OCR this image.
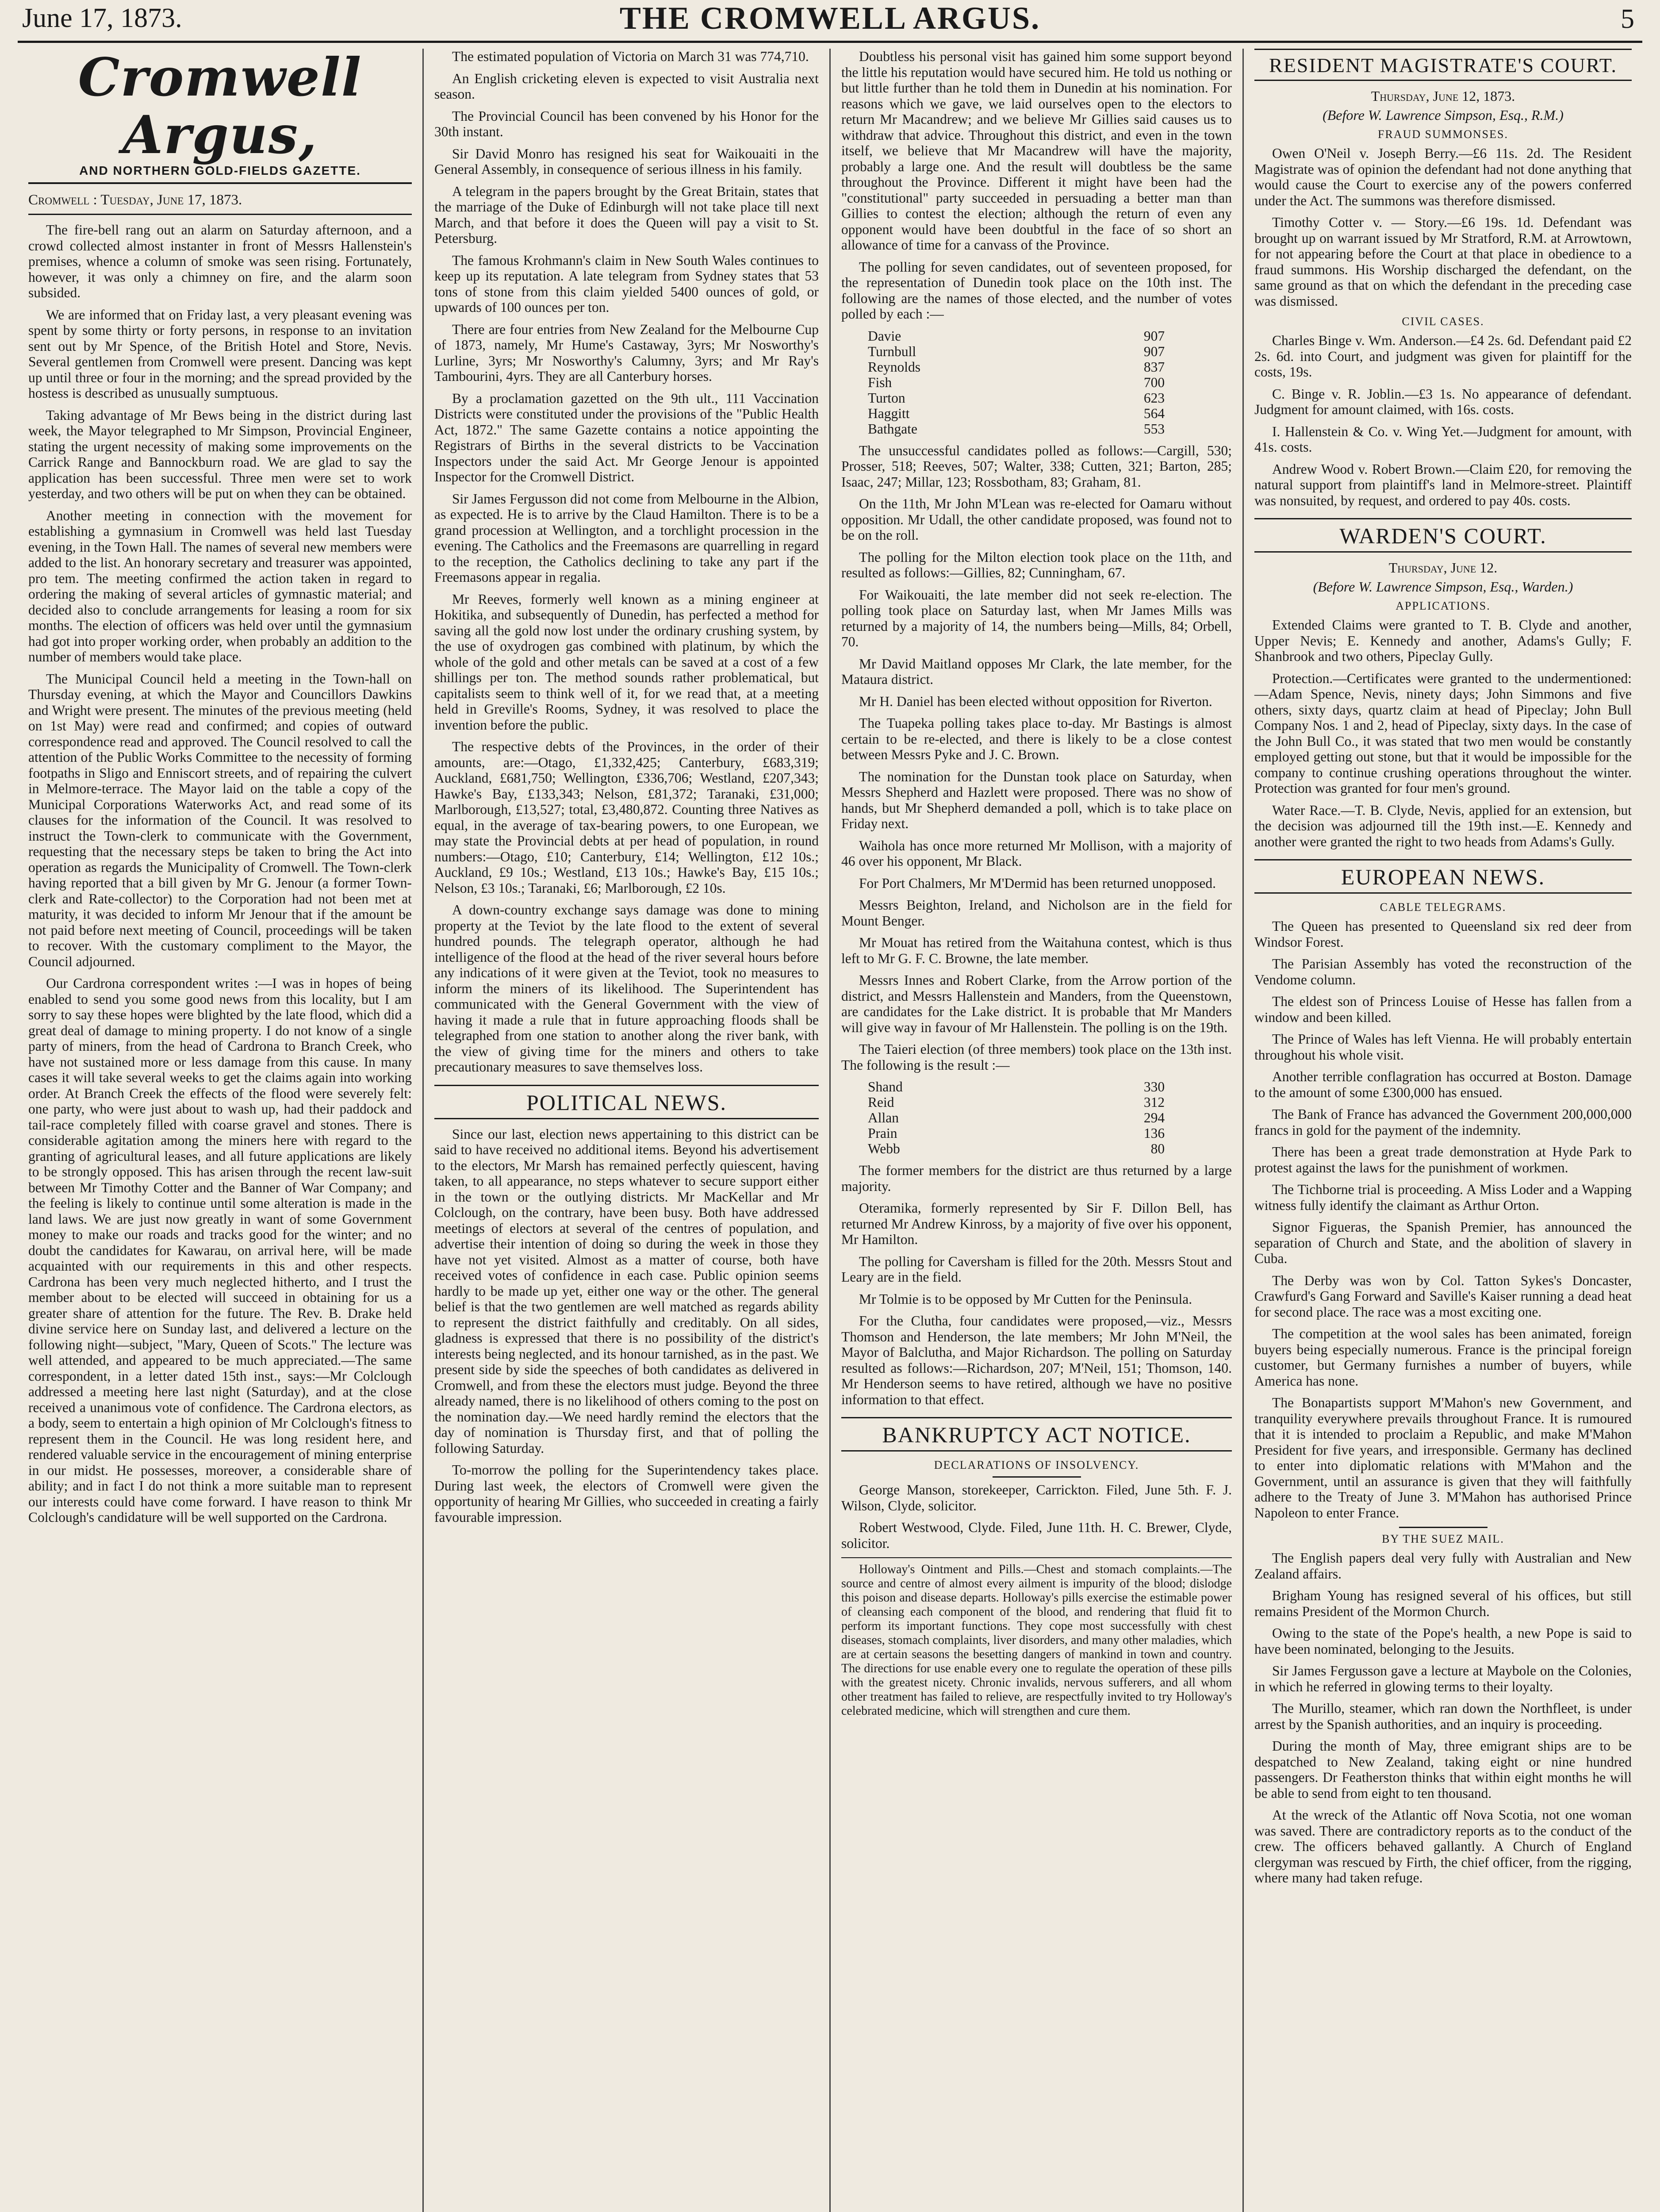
June 17, 1873.	THE CROMWELL ARGUS.	5
Cromwell Argus,
AND NORTHERN GOLD-FIELDS GAZETTE.
Cromwell : Tuesday, June 17, 1873.

The fire-bell rang out an alarm on Saturday afternoon, and a crowd collected almost instanter in front of Messrs Hallenstein's premises, whence a column of smoke was seen rising. Fortunately, however, it was only a chimney on fire, and the alarm soon subsided.

We are informed that on Friday last, a very pleasant evening was spent by some thirty or forty persons, in response to an invitation sent out by Mr Spence, of the British Hotel and Store, Nevis. Several gentlemen from Cromwell were present. Dancing was kept up until three or four in the morning; and the spread provided by the hostess is described as unusually sumptuous.

Taking advantage of Mr Bews being in the district during last week, the Mayor telegraphed to Mr Simpson, Provincial Engineer, stating the urgent necessity of making some improvements on the Carrick Range and Bannockburn road. We are glad to say the application has been successful. Three men were set to work yesterday, and two others will be put on when they can be obtained.

Another meeting in connection with the movement for establishing a gymnasium in Cromwell was held last Tuesday evening, in the Town Hall. The names of several new members were added to the list. An honorary secretary and treasurer was appointed, pro tem. The meeting confirmed the action taken in regard to ordering the making of several articles of gymnastic material; and decided also to conclude arrangements for leasing a room for six months. The election of officers was held over until the gymnasium had got into proper working order, when probably an addition to the number of members would take place.

The Municipal Council held a meeting in the Town-hall on Thursday evening, at which the Mayor and Councillors Dawkins and Wright were present. The minutes of the previous meeting (held on 1st May) were read and confirmed; and copies of outward correspondence read and approved. The Council resolved to call the attention of the Public Works Committee to the necessity of forming footpaths in Sligo and Enniscort streets, and of repairing the culvert in Melmore-terrace. The Mayor laid on the table a copy of the Municipal Corporations Waterworks Act, and read some of its clauses for the information of the Council. It was resolved to instruct the Town-clerk to communicate with the Government, requesting that the necessary steps be taken to bring the Act into operation as regards the Municipality of Cromwell. The Town-clerk having reported that a bill given by Mr G. Jenour (a former Town-clerk and Rate-collector) to the Corporation had not been met at maturity, it was decided to inform Mr Jenour that if the amount be not paid before next meeting of Council, proceedings will be taken to recover. With the customary compliment to the Mayor, the Council adjourned.

Our Cardrona correspondent writes :—I was in hopes of being enabled to send you some good news from this locality, but I am sorry to say these hopes were blighted by the late flood, which did a great deal of damage to mining property. I do not know of a single party of miners, from the head of Cardrona to Branch Creek, who have not sustained more or less damage from this cause. In many cases it will take several weeks to get the claims again into working order. At Branch Creek the effects of the flood were severely felt: one party, who were just about to wash up, had their paddock and tail-race completely filled with coarse gravel and stones. There is considerable agitation among the miners here with regard to the granting of agricultural leases, and all future applications are likely to be strongly opposed. This has arisen through the recent law-suit between Mr Timothy Cotter and the Banner of War Company; and the feeling is likely to continue until some alteration is made in the land laws. We are just now greatly in want of some Government money to make our roads and tracks good for the winter; and no doubt the candidates for Kawarau, on arrival here, will be made acquainted with our requirements in this and other respects. Cardrona has been very much neglected hitherto, and I trust the member about to be elected will succeed in obtaining for us a greater share of attention for the future. The Rev. B. Drake held divine service here on Sunday last, and delivered a lecture on the following night—subject, "Mary, Queen of Scots." The lecture was well attended, and appeared to be much appreciated.—The same correspondent, in a letter dated 15th inst., says:—Mr Colclough addressed a meeting here last night (Saturday), and at the close received a unanimous vote of confidence. The Cardrona electors, as a body, seem to entertain a high opinion of Mr Colclough's fitness to represent them in the Council. He was long resident here, and rendered valuable service in the encouragement of mining enterprise in our midst. He possesses, moreover, a considerable share of ability; and in fact I do not think a more suitable man to represent our interests could have come forward. I have reason to think Mr Colclough's candidature will be well supported on the Cardrona.

The estimated population of Victoria on March 31 was 774,710.

An English cricketing eleven is expected to visit Australia next season.

The Provincial Council has been convened by his Honor for the 30th instant.

Sir David Monro has resigned his seat for Waikouaiti in the General Assembly, in consequence of serious illness in his family.

A telegram in the papers brought by the Great Britain, states that the marriage of the Duke of Edinburgh will not take place till next March, and that before it does the Queen will pay a visit to St. Petersburg.

The famous Krohmann's claim in New South Wales continues to keep up its reputation. A late telegram from Sydney states that 53 tons of stone from this claim yielded 5400 ounces of gold, or upwards of 100 ounces per ton.

There are four entries from New Zealand for the Melbourne Cup of 1873, namely, Mr Hume's Castaway, 3yrs; Mr Nosworthy's Lurline, 3yrs; Mr Nosworthy's Calumny, 3yrs; and Mr Ray's Tambourini, 4yrs. They are all Canterbury horses.

By a proclamation gazetted on the 9th ult., 111 Vaccination Districts were constituted under the provisions of the "Public Health Act, 1872." The same Gazette contains a notice appointing the Registrars of Births in the several districts to be Vaccination Inspectors under the said Act. Mr George Jenour is appointed Inspector for the Cromwell District.

Sir James Fergusson did not come from Melbourne in the Albion, as expected. He is to arrive by the Claud Hamilton. There is to be a grand procession at Wellington, and a torchlight procession in the evening. The Catholics and the Freemasons are quarrelling in regard to the reception, the Catholics declining to take any part if the Freemasons appear in regalia.

Mr Reeves, formerly well known as a mining engineer at Hokitika, and subsequently of Dunedin, has perfected a method for saving all the gold now lost under the ordinary crushing system, by the use of oxydrogen gas combined with platinum, by which the whole of the gold and other metals can be saved at a cost of a few shillings per ton. The method sounds rather problematical, but capitalists seem to think well of it, for we read that, at a meeting held in Greville's Rooms, Sydney, it was resolved to place the invention before the public.

The respective debts of the Provinces, in the order of their amounts, are:—Otago, £1,332,425; Canterbury, £683,319; Auckland, £681,750; Wellington, £336,706; Westland, £207,343; Hawke's Bay, £133,343; Nelson, £81,372; Taranaki, £31,000; Marlborough, £13,527; total, £3,480,872. Counting three Natives as equal, in the average of tax-bearing powers, to one European, we may state the Provincial debts at per head of population, in round numbers:—Otago, £10; Canterbury, £14; Wellington, £12 10s.; Auckland, £9 10s.; Westland, £13 10s.; Hawke's Bay, £15 10s.; Nelson, £3 10s.; Taranaki, £6; Marlborough, £2 10s.

A down-country exchange says damage was done to mining property at the Teviot by the late flood to the extent of several hundred pounds. The telegraph operator, although he had intelligence of the flood at the head of the river several hours before any indications of it were given at the Teviot, took no measures to inform the miners of its likelihood. The Superintendent has communicated with the General Government with the view of having it made a rule that in future approaching floods shall be telegraphed from one station to another along the river bank, with the view of giving time for the miners and others to take precautionary measures to save themselves loss.

POLITICAL NEWS.

Since our last, election news appertaining to this district can be said to have received no additional items. Beyond his advertisement to the electors, Mr Marsh has remained perfectly quiescent, having taken, to all appearance, no steps whatever to secure support either in the town or the outlying districts. Mr MacKellar and Mr Colclough, on the contrary, have been busy. Both have addressed meetings of electors at several of the centres of population, and advertise their intention of doing so during the week in those they have not yet visited. Almost as a matter of course, both have received votes of confidence in each case. Public opinion seems hardly to be made up yet, either one way or the other. The general belief is that the two gentlemen are well matched as regards ability to represent the district faithfully and creditably. On all sides, gladness is expressed that there is no possibility of the district's interests being neglected, and its honour tarnished, as in the past. We present side by side the speeches of both candidates as delivered in Cromwell, and from these the electors must judge. Beyond the three already named, there is no likelihood of others coming to the post on the nomination day.—We need hardly remind the electors that the day of nomination is Thursday first, and that of polling the following Saturday.

To-morrow the polling for the Superintendency takes place. During last week, the electors of Cromwell were given the opportunity of hearing Mr Gillies, who succeeded in creating a fairly favourable impression.

Doubtless his personal visit has gained him some support beyond the little his reputation would have secured him. He told us nothing or but little further than he told them in Dunedin at his nomination. For reasons which we gave, we laid ourselves open to the electors to return Mr Macandrew; and we believe Mr Gillies said causes us to withdraw that advice. Throughout this district, and even in the town itself, we believe that Mr Macandrew will have the majority, probably a large one. And the result will doubtless be the same throughout the Province. Different it might have been had the "constitutional" party succeeded in persuading a better man than Gillies to contest the election; although the return of even any opponent would have been doubtful in the face of so short an allowance of time for a canvass of the Province.

The polling for seven candidates, out of seventeen proposed, for the representation of Dunedin took place on the 10th inst. The following are the names of those elected, and the number of votes polled by each :—

Davie	907
Turnbull	907
Reynolds	837
Fish	700
Turton	623
Haggitt	564
Bathgate	553

The unsuccessful candidates polled as follows:—Cargill, 530; Prosser, 518; Reeves, 507; Walter, 338; Cutten, 321; Barton, 285; Isaac, 247; Millar, 123; Rossbotham, 83; Graham, 81.

On the 11th, Mr John M'Lean was re-elected for Oamaru without opposition. Mr Udall, the other candidate proposed, was found not to be on the roll.

The polling for the Milton election took place on the 11th, and resulted as follows:—Gillies, 82; Cunningham, 67.

For Waikouaiti, the late member did not seek re-election. The polling took place on Saturday last, when Mr James Mills was returned by a majority of 14, the numbers being—Mills, 84; Orbell, 70.

Mr David Maitland opposes Mr Clark, the late member, for the Mataura district.

Mr H. Daniel has been elected without opposition for Riverton.

The Tuapeka polling takes place to-day. Mr Bastings is almost certain to be re-elected, and there is likely to be a close contest between Messrs Pyke and J. C. Brown.

The nomination for the Dunstan took place on Saturday, when Messrs Shepherd and Hazlett were proposed. There was no show of hands, but Mr Shepherd demanded a poll, which is to take place on Friday next.

Waihola has once more returned Mr Mollison, with a majority of 46 over his opponent, Mr Black.

For Port Chalmers, Mr M'Dermid has been returned unopposed.

Messrs Beighton, Ireland, and Nicholson are in the field for Mount Benger.

Mr Mouat has retired from the Waitahuna contest, which is thus left to Mr G. F. C. Browne, the late member.

Messrs Innes and Robert Clarke, from the Arrow portion of the district, and Messrs Hallenstein and Manders, from the Queenstown, are candidates for the Lake district. It is probable that Mr Manders will give way in favour of Mr Hallenstein. The polling is on the 19th.

The Taieri election (of three members) took place on the 13th inst. The following is the result :—

Shand	330
Reid	312
Allan	294
Prain	136
Webb	80

The former members for the district are thus returned by a large majority.

Oteramika, formerly represented by Sir F. Dillon Bell, has returned Mr Andrew Kinross, by a majority of five over his opponent, Mr Hamilton.

The polling for Caversham is filled for the 20th. Messrs Stout and Leary are in the field.

Mr Tolmie is to be opposed by Mr Cutten for the Peninsula.

For the Clutha, four candidates were proposed,—viz., Messrs Thomson and Henderson, the late members; Mr John M'Neil, the Mayor of Balclutha, and Major Richardson. The polling on Saturday resulted as follows:—Richardson, 207; M'Neil, 151; Thomson, 140. Mr Henderson seems to have retired, although we have no positive information to that effect.

BANKRUPTCY ACT NOTICE.
DECLARATIONS OF INSOLVENCY.

George Manson, storekeeper, Carrickton. Filed, June 5th. F. J. Wilson, Clyde, solicitor.

Robert Westwood, Clyde. Filed, June 11th. H. C. Brewer, Clyde, solicitor.

Holloway's Ointment and Pills.—Chest and stomach complaints.—The source and centre of almost every ailment is impurity of the blood; dislodge this poison and disease departs. Holloway's pills exercise the estimable power of cleansing each component of the blood, and rendering that fluid fit to perform its important functions. They cope most successfully with chest diseases, stomach complaints, liver disorders, and many other maladies, which are at certain seasons the besetting dangers of mankind in town and country. The directions for use enable every one to regulate the operation of these pills with the greatest nicety. Chronic invalids, nervous sufferers, and all whom other treatment has failed to relieve, are respectfully invited to try Holloway's celebrated medicine, which will strengthen and cure them.

RESIDENT MAGISTRATE'S COURT.
Thursday, June 12, 1873.
(Before W. Lawrence Simpson, Esq., R.M.)
FRAUD SUMMONSES.

Owen O'Neil v. Joseph Berry.—£6 11s. 2d. The Resident Magistrate was of opinion the defendant had not done anything that would cause the Court to exercise any of the powers conferred under the Act. The summons was therefore dismissed.

Timothy Cotter v. — Story.—£6 19s. 1d. Defendant was brought up on warrant issued by Mr Stratford, R.M. at Arrowtown, for not appearing before the Court at that place in obedience to a fraud summons. His Worship discharged the defendant, on the same ground as that on which the defendant in the preceding case was dismissed.

CIVIL CASES.

Charles Binge v. Wm. Anderson.—£4 2s. 6d. Defendant paid £2 2s. 6d. into Court, and judgment was given for plaintiff for the costs, 19s.

C. Binge v. R. Joblin.—£3 1s. No appearance of defendant. Judgment for amount claimed, with 16s. costs.

I. Hallenstein & Co. v. Wing Yet.—Judgment for amount, with 41s. costs.

Andrew Wood v. Robert Brown.—Claim £20, for removing the natural support from plaintiff's land in Melmore-street. Plaintiff was nonsuited, by request, and ordered to pay 40s. costs.

WARDEN'S COURT.
Thursday, June 12.
(Before W. Lawrence Simpson, Esq., Warden.)
APPLICATIONS.

Extended Claims were granted to T. B. Clyde and another, Upper Nevis; E. Kennedy and another, Adams's Gully; F. Shanbrook and two others, Pipeclay Gully.

Protection.—Certificates were granted to the undermentioned:—Adam Spence, Nevis, ninety days; John Simmons and five others, sixty days, quartz claim at head of Pipeclay; John Bull Company Nos. 1 and 2, head of Pipeclay, sixty days. In the case of the John Bull Co., it was stated that two men would be constantly employed getting out stone, but that it would be impossible for the company to continue crushing operations throughout the winter. Protection was granted for four men's ground.

Water Race.—T. B. Clyde, Nevis, applied for an extension, but the decision was adjourned till the 19th inst.—E. Kennedy and another were granted the right to two heads from Adams's Gully.

EUROPEAN NEWS.
CABLE TELEGRAMS.

The Queen has presented to Queensland six red deer from Windsor Forest.

The Parisian Assembly has voted the reconstruction of the Vendome column.

The eldest son of Princess Louise of Hesse has fallen from a window and been killed.

The Prince of Wales has left Vienna. He will probably entertain throughout his whole visit.

Another terrible conflagration has occurred at Boston. Damage to the amount of some £300,000 has ensued.

The Bank of France has advanced the Government 200,000,000 francs in gold for the payment of the indemnity.

There has been a great trade demonstration at Hyde Park to protest against the laws for the punishment of workmen.

The Tichborne trial is proceeding. A Miss Loder and a Wapping witness fully identify the claimant as Arthur Orton.

Signor Figueras, the Spanish Premier, has announced the separation of Church and State, and the abolition of slavery in Cuba.

The Derby was won by Col. Tatton Sykes's Doncaster, Crawfurd's Gang Forward and Saville's Kaiser running a dead heat for second place. The race was a most exciting one.

The competition at the wool sales has been animated, foreign buyers being especially numerous. France is the principal foreign customer, but Germany furnishes a number of buyers, while America has none.

The Bonapartists support M'Mahon's new Government, and tranquility everywhere prevails throughout France. It is rumoured that it is intended to proclaim a Republic, and make M'Mahon President for five years, and irresponsible. Germany has declined to enter into diplomatic relations with M'Mahon and the Government, until an assurance is given that they will faithfully adhere to the Treaty of June 3. M'Mahon has authorised Prince Napoleon to enter France.

BY THE SUEZ MAIL.

The English papers deal very fully with Australian and New Zealand affairs.

Brigham Young has resigned several of his offices, but still remains President of the Mormon Church.

Owing to the state of the Pope's health, a new Pope is said to have been nominated, belonging to the Jesuits.

Sir James Fergusson gave a lecture at Maybole on the Colonies, in which he referred in glowing terms to their loyalty.

The Murillo, steamer, which ran down the Northfleet, is under arrest by the Spanish authorities, and an inquiry is proceeding.

During the month of May, three emigrant ships are to be despatched to New Zealand, taking eight or nine hundred passengers. Dr Featherston thinks that within eight months he will be able to send from eight to ten thousand.

At the wreck of the Atlantic off Nova Scotia, not one woman was saved. There are contradictory reports as to the conduct of the crew. The officers behaved gallantly. A Church of England clergyman was rescued by Firth, the chief officer, from the rigging, where many had taken refuge.
